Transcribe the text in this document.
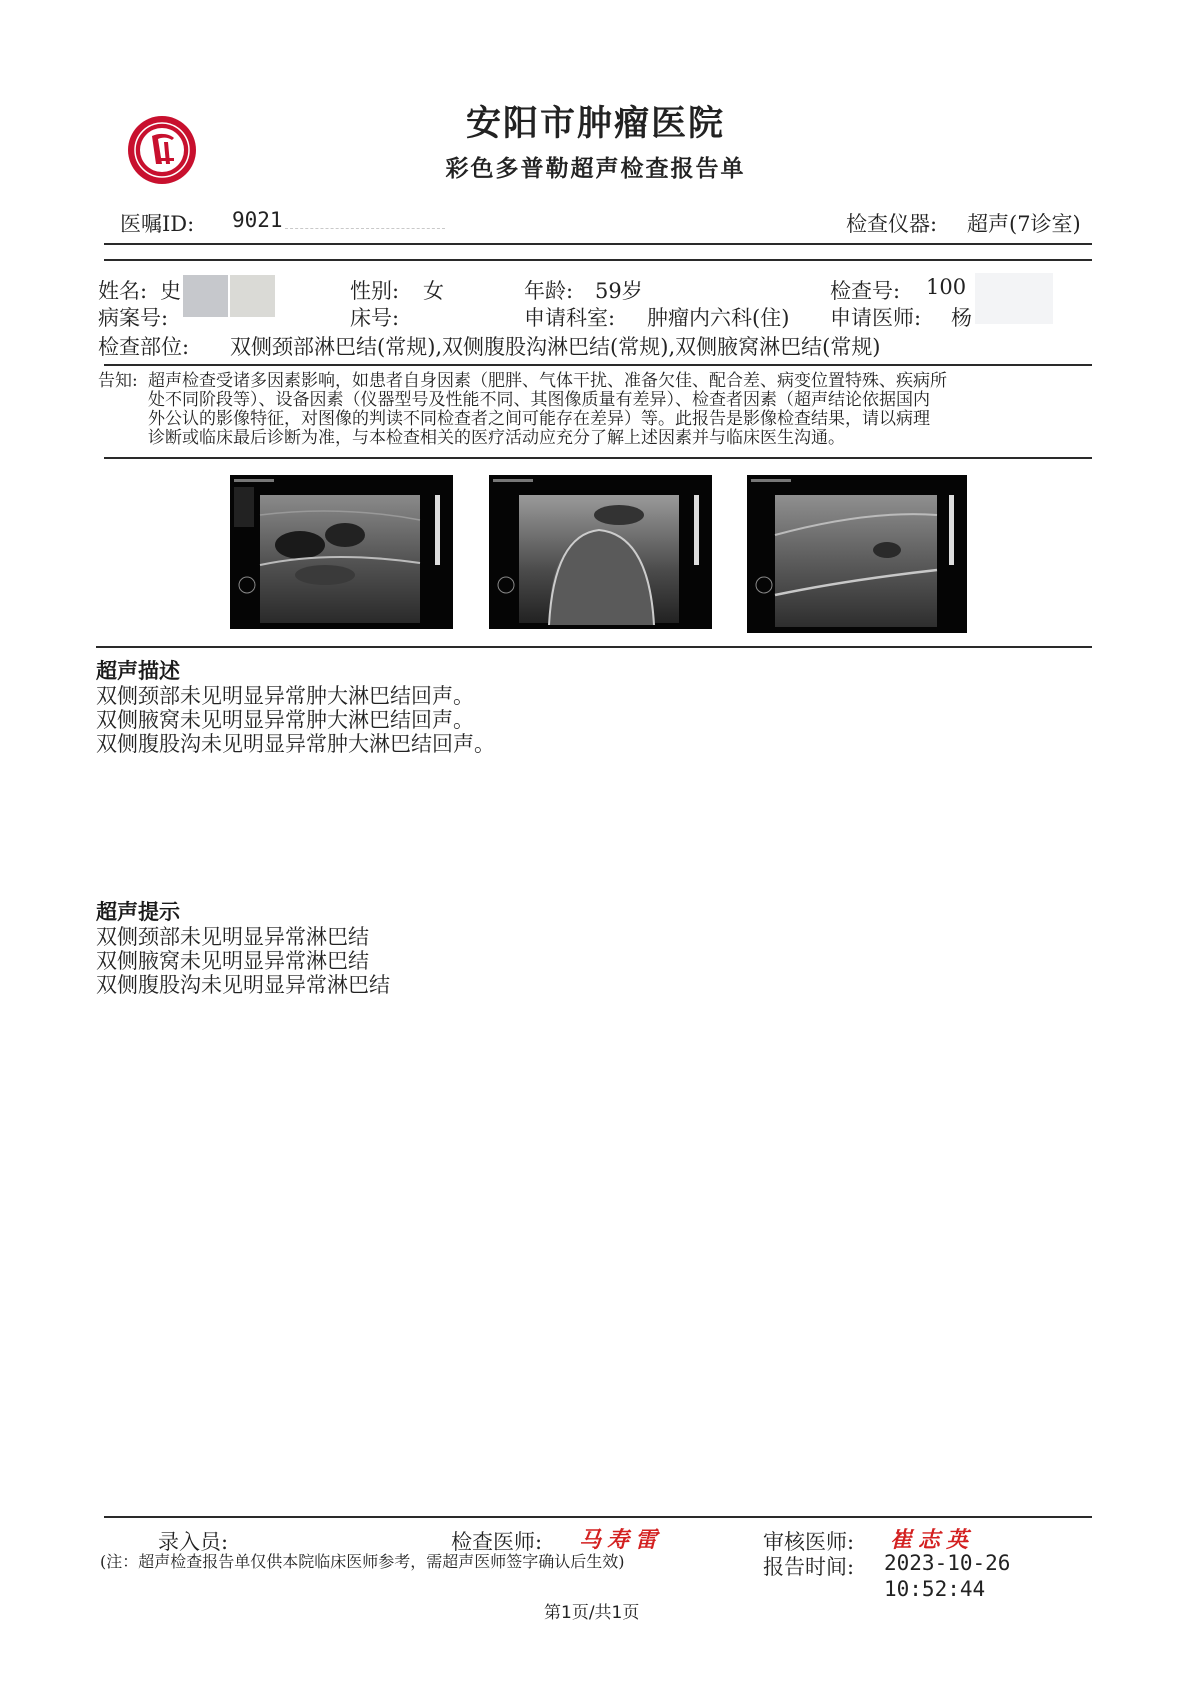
安阳市肿瘤医院
彩色多普勒超声检查报告单
医嘱ID: 9021	检查仪器: 超声(7诊室)
姓名: 史	性别: 女	年龄: 59岁	检查号: 100
病案号:	床号:	申请科室: 肿瘤内六科(住) 申请医师: 杨
检查部位: 双侧颈部淋巴结(常规),双侧腹股沟淋巴结(常规),双侧腋窝淋巴结(常规)
告知: 超声检查受诸多因素影响，如患者自身因素（肥胖、气体干扰、准备欠佳、配合差、病变位置特殊、疾病所
处不同阶段等）、设备因素（仪器型号及性能不同、其图像质量有差异）、检查者因素（超声结论依据国内
外公认的影像特征，对图像的判读不同检查者之间可能存在差异）等。此报告是影像检查结果，请以病理
诊断或临床最后诊断为准，与本检查相关的医疗活动应充分了解上述因素并与临床医生沟通。
超声描述
双侧颈部未见明显异常肿大淋巴结回声。
双侧腋窝未见明显异常肿大淋巴结回声。
双侧腹股沟未见明显异常肿大淋巴结回声。
超声提示
双侧颈部未见明显异常淋巴结
双侧腋窝未见明显异常淋巴结
双侧腹股沟未见明显异常淋巴结
录入员:	检查医师: 马寿雷	审核医师: 崔志英
(注：超声检查报告单仅供本院临床医师参考，需超声医师签字确认后生效)	报告时间: 2023-10-26
10:52:44
第1页/共1页
